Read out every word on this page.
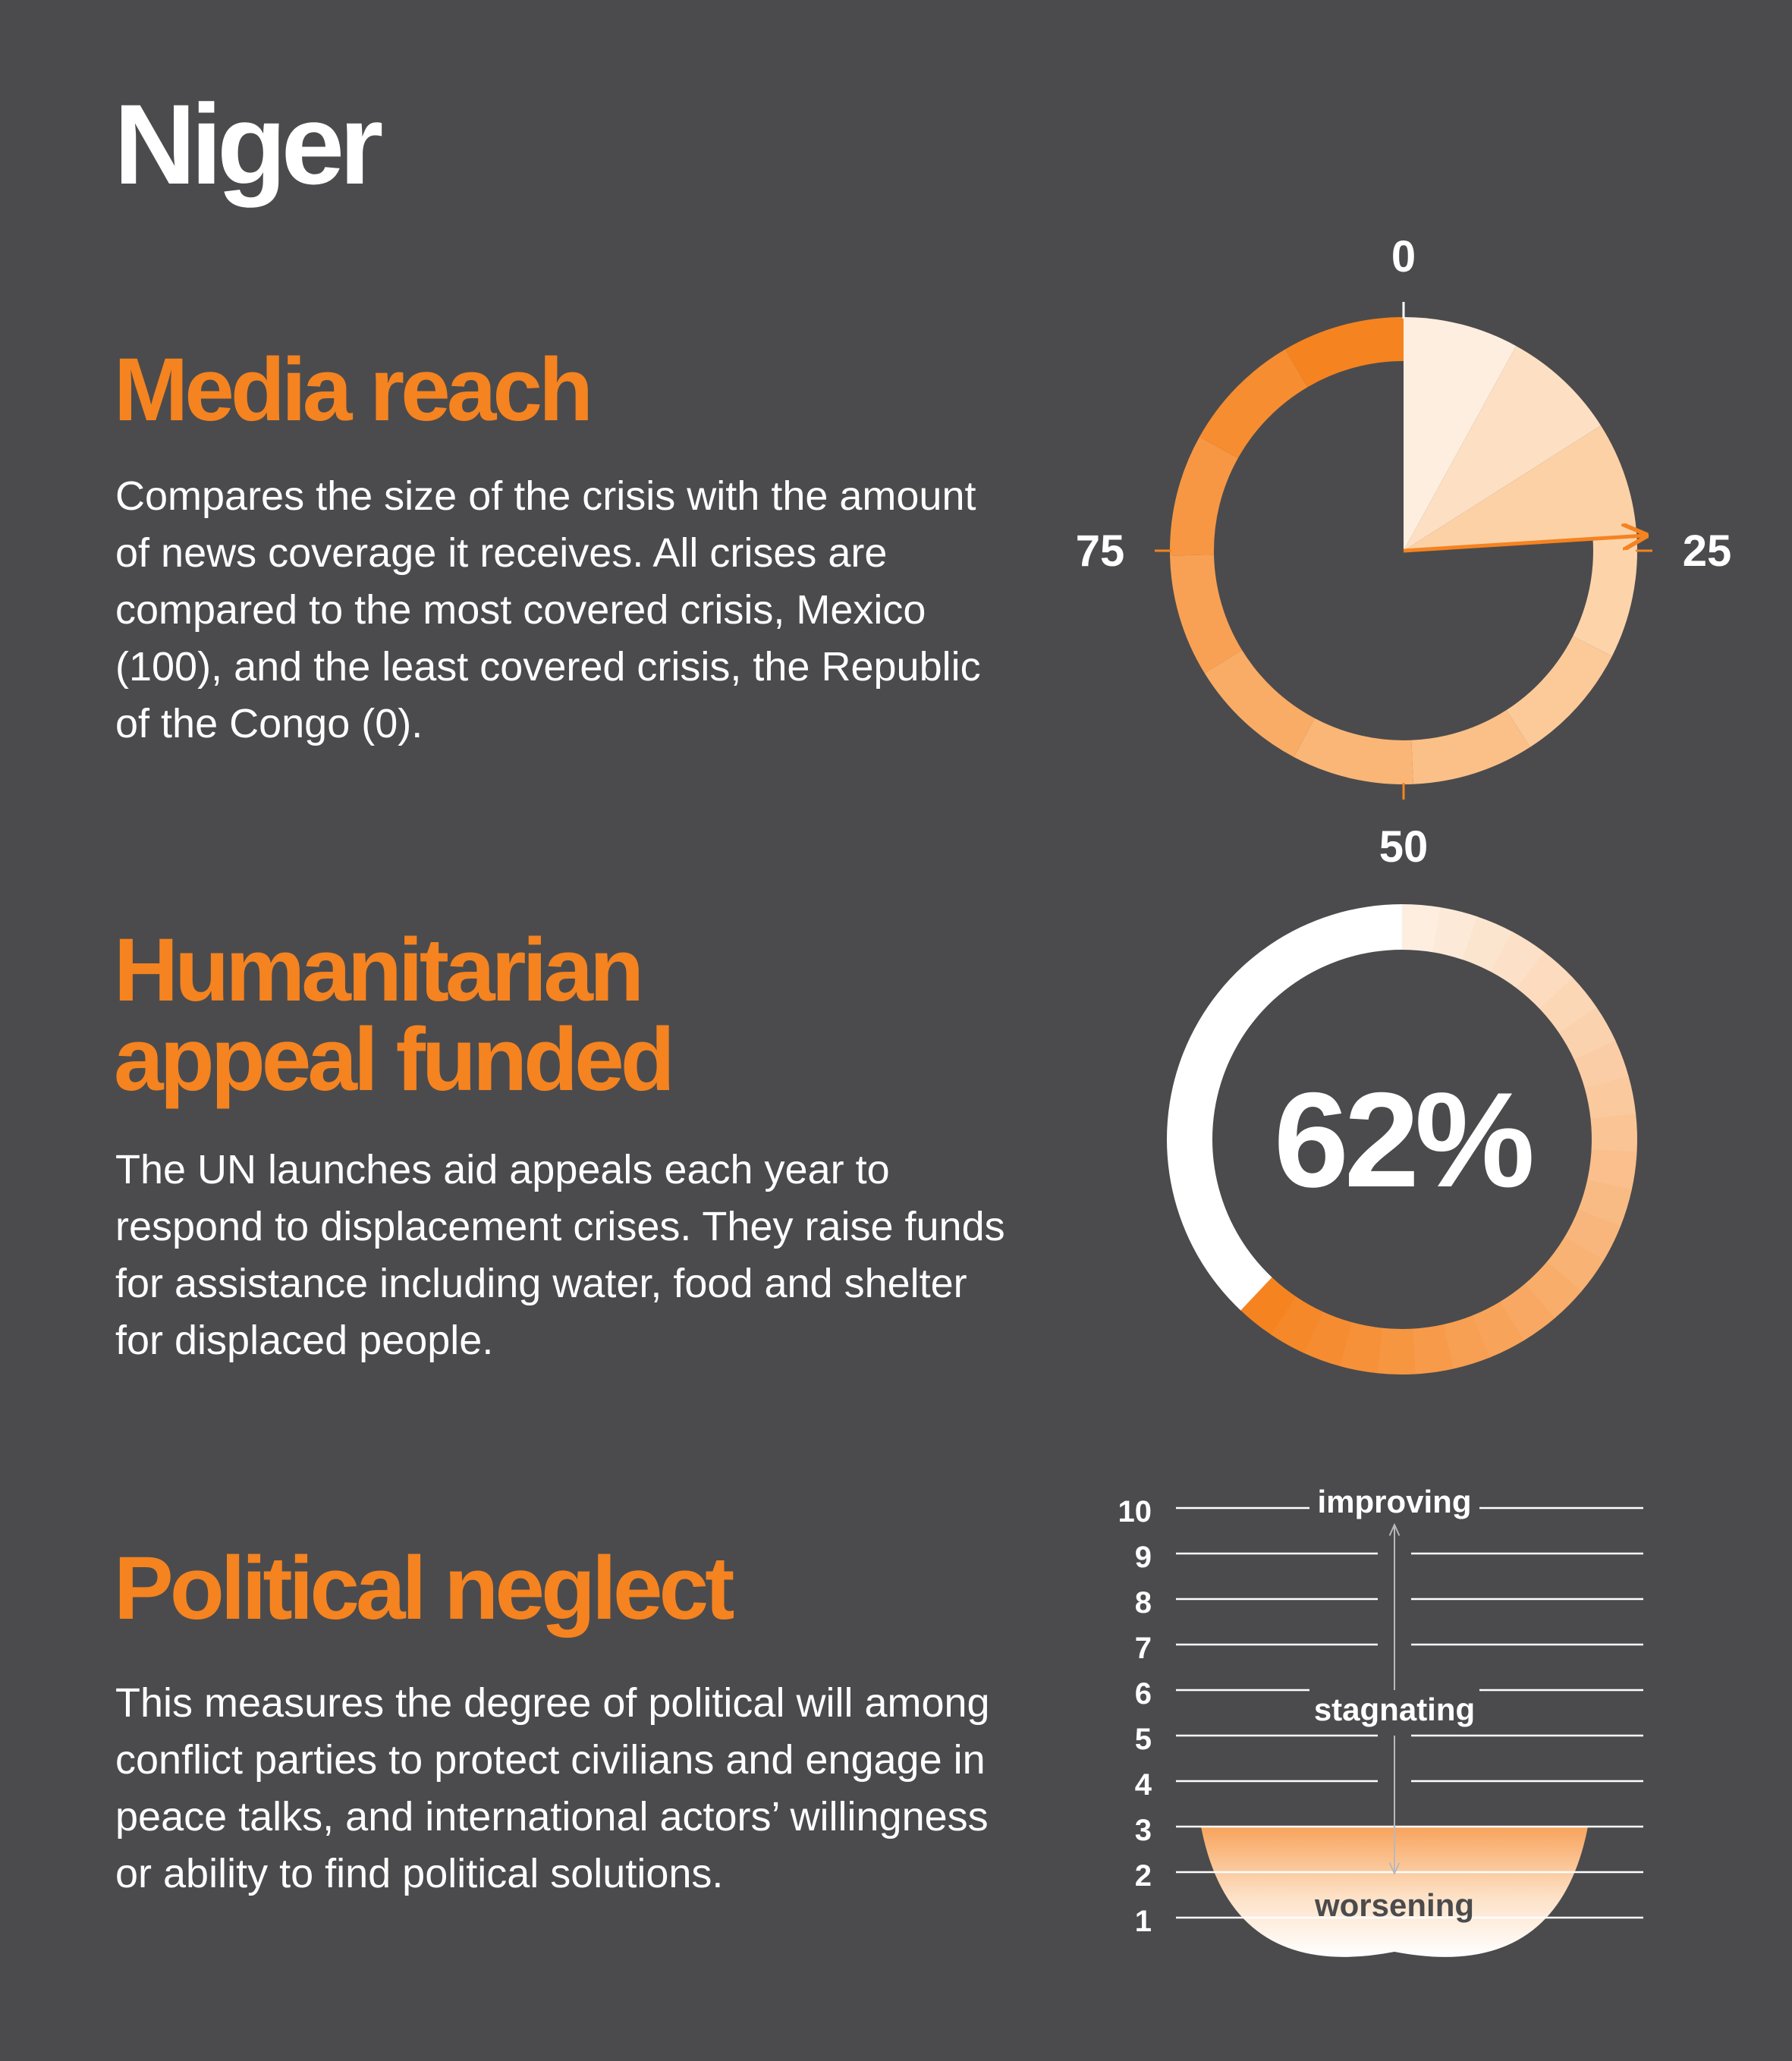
Niger
Media reach

Compares the size of the crisis with the amount of news coverage it receives. All crises are compared to the most covered crisis, Mexico (100), and the least covered crisis, the Republic of the Congo (0).

Humanitarian
appeal funded

The UN launches aid appeals each year to respond to displacement crises. They raise funds for assistance including water, food and shelter for displaced people.

Political neglect

This measures the degree of political will among conflict parties to protect civilians and engage in peace talks, and international actors’ willingness or ability to find political solutions.

0
25
50
75
62%
10
9
8
7
6
5
4
3
2
1
improving
stagnating
worsening
